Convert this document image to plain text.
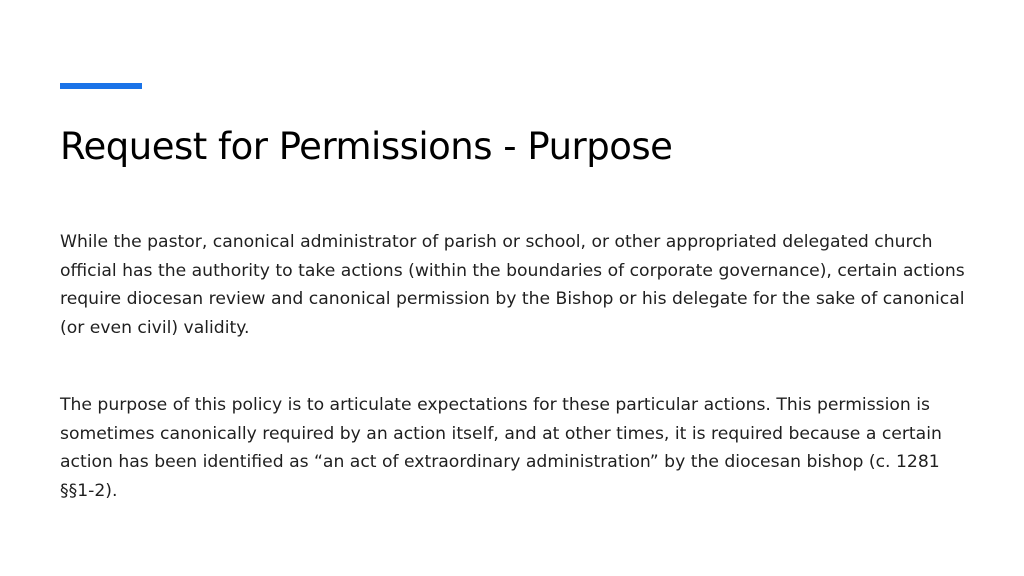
Request for Permissions - Purpose

While the pastor, canonical administrator of parish or school, or other appropriated delegated church official has the authority to take actions (within the boundaries of corporate governance), certain actions require diocesan review and canonical permission by the Bishop or his delegate for the sake of canonical (or even civil) validity.

The purpose of this policy is to articulate expectations for these particular actions. This permission is sometimes canonically required by an action itself, and at other times, it is required because a certain action has been identified as “an act of extraordinary administration” by the diocesan bishop (c. 1281 §§1-2).
